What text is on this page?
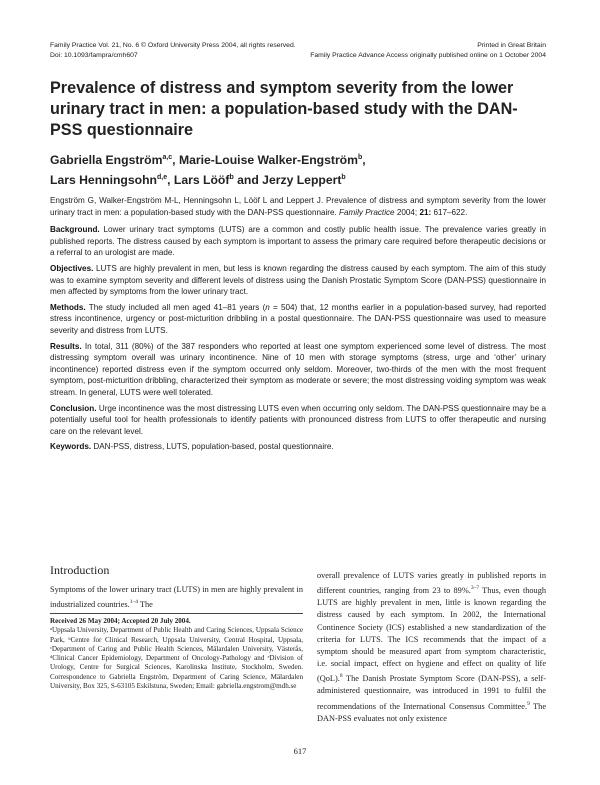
Family Practice Vol. 21, No. 6 © Oxford University Press 2004, all rights reserved.	Printed in Great Britain
Doi: 10.1093/fampra/cmh607	Family Practice Advance Access originally published online on 1 October 2004
Prevalence of distress and symptom severity from the lower urinary tract in men: a population-based study with the DAN-PSS questionnaire

Gabriella Engström$^{a,c}$, Marie-Louise Walker-Engström$^b$,
Lars Henningsohn$^{d,e}$, Lars Lööf$^b$ and Jerzy Leppert$^b$

Engström G, Walker-Engström M-L, Henningsohn L, Lööf L and Leppert J. Prevalence of distress and symptom severity from the lower urinary tract in men: a population-based study with the DAN-PSS questionnaire. Family Practice 2004; 21: 617–622.

Background. Lower urinary tract symptoms (LUTS) are a common and costly public health issue. The prevalence varies greatly in published reports. The distress caused by each symptom is important to assess the primary care required before therapeutic decisions or a referral to an urologist are made.

Objectives. LUTS are highly prevalent in men, but less is known regarding the distress caused by each symptom. The aim of this study was to examine symptom severity and different levels of distress using the Danish Prostatic Symptom Score (DAN-PSS) questionnaire in men affected by symptoms from the lower urinary tract.

Methods. The study included all men aged 41–81 years (n = 504) that, 12 months earlier in a population-based survey, had reported stress incontinence, urgency or post-micturition dribbling in a postal questionnaire. The DAN-PSS questionnaire was used to measure severity and distress from LUTS.

Results. In total, 311 (80%) of the 387 responders who reported at least one symptom experienced some level of distress. The most distressing symptom overall was urinary incontinence. Nine of 10 men with storage symptoms (stress, urge and ‘other’ urinary incontinence) reported distress even if the symptom occurred only seldom. Moreover, two-thirds of the men with the most frequent symptom, post-micturition dribbling, characterized their symptom as moderate or severe; the most distressing voiding symptom was weak stream. In general, LUTS were well tolerated.

Conclusion. Urge incontinence was the most distressing LUTS even when occurring only seldom. The DAN-PSS questionnaire may be a potentially useful tool for health professionals to identify patients with pronounced distress from LUTS to offer therapeutic and nursing care on the relevant level.

Keywords. DAN-PSS, distress, LUTS, population-based, postal questionnaire.

Introduction

Symptoms of the lower urinary tract (LUTS) in men are highly prevalent in industrialized countries.$^{1-4}$ The

Received 26 May 2004; Accepted 20 July 2004.

ᵃUppsala University, Department of Public Health and Caring Sciences, Uppsala Science Park, ᵇCentre for Clinical Research, Uppsala University, Central Hospital, Uppsala, ᶜDepartment of Caring and Public Health Sciences, Mälardalen University, Västerås, ᵈClinical Cancer Epidemiology, Department of Oncology-Pathology and ᵉDivision of Urology, Centre for Surgical Sciences, Karolinska Institute, Stockholm, Sweden. Correspondence to Gabriella Engström, Department of Caring Science, Mälardalen University, Box 325, S-63105 Eskilstuna, Sweden; Email: gabriella.engstrom@mdh.se

overall prevalence of LUTS varies greatly in published reports in different countries, ranging from 23 to 89%.$^{3-7}$ Thus, even though LUTS are highly prevalent in men, little is known regarding the distress caused by each symptom. In 2002, the International Continence Society (ICS) established a new standardization of the criteria for LUTS. The ICS recommends that the impact of a symptom should be measured apart from symptom characteristic, i.e. social impact, effect on hygiene and effect on quality of life (QoL).$^8$ The Danish Prostate Symptom Score (DAN-PSS), a self-administered questionnaire, was introduced in 1991 to fulfil the recommendations of the International Consensus Committee.$^9$ The DAN-PSS evaluates not only existence

617
